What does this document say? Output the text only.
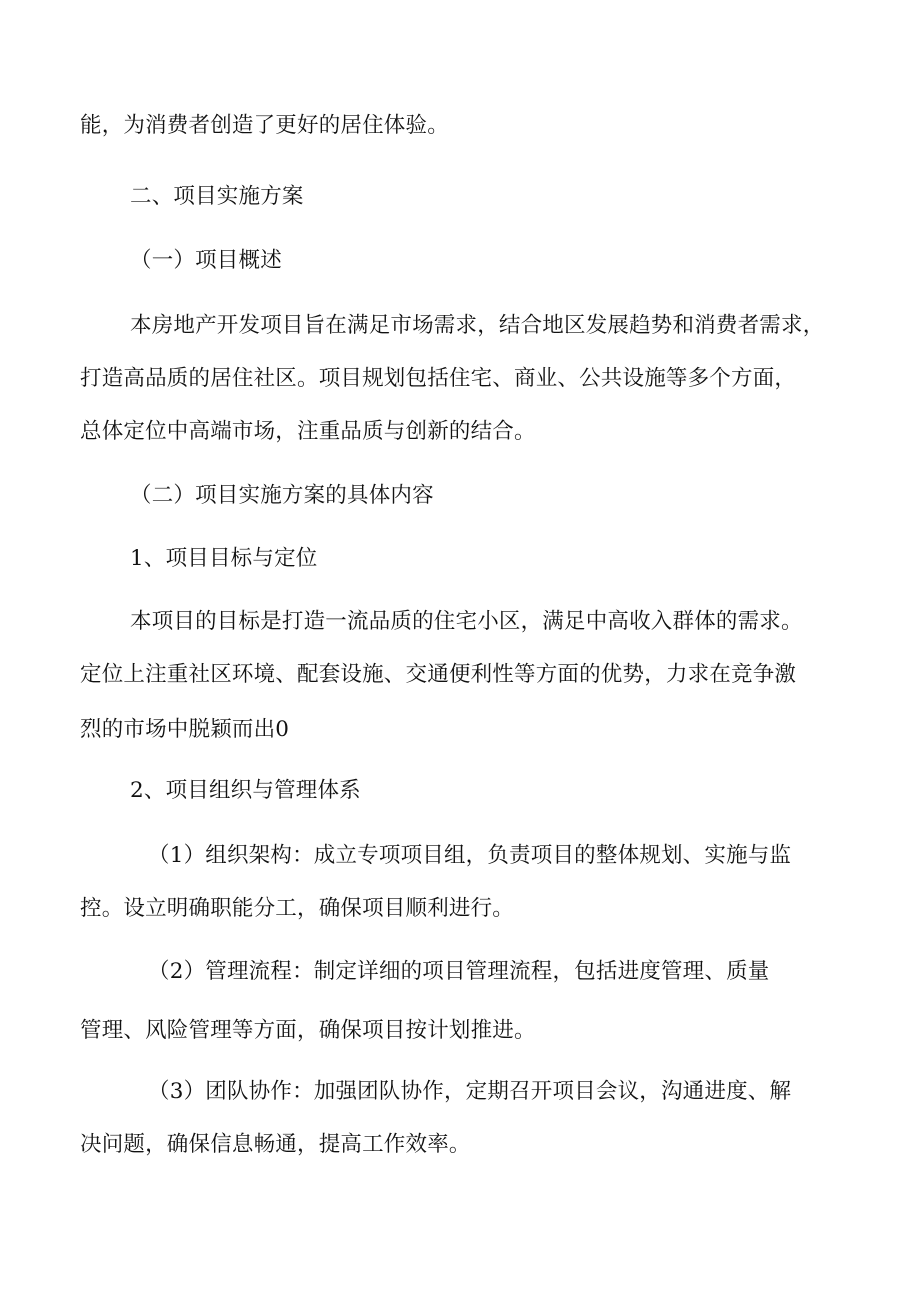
能，为消费者创造了更好的居住体验。
二、项目实施方案
（一）项目概述
本房地产开发项目旨在满足市场需求，结合地区发展趋势和消费者需求，
打造高品质的居住社区。项目规划包括住宅、商业、公共设施等多个方面，
总体定位中高端市场，注重品质与创新的结合。
（二）项目实施方案的具体内容
1、项目目标与定位
本项目的目标是打造一流品质的住宅小区，满足中高收入群体的需求。
定位上注重社区环境、配套设施、交通便利性等方面的优势，力求在竞争激
烈的市场中脱颖而出0
2、项目组织与管理体系
（1）组织架构：成立专项项目组，负责项目的整体规划、实施与监
控。设立明确职能分工，确保项目顺利进行。
（2）管理流程：制定详细的项目管理流程，包括进度管理、质量
管理、风险管理等方面，确保项目按计划推进。
（3）团队协作：加强团队协作，定期召开项目会议，沟通进度、解
决问题，确保信息畅通，提高工作效率。
